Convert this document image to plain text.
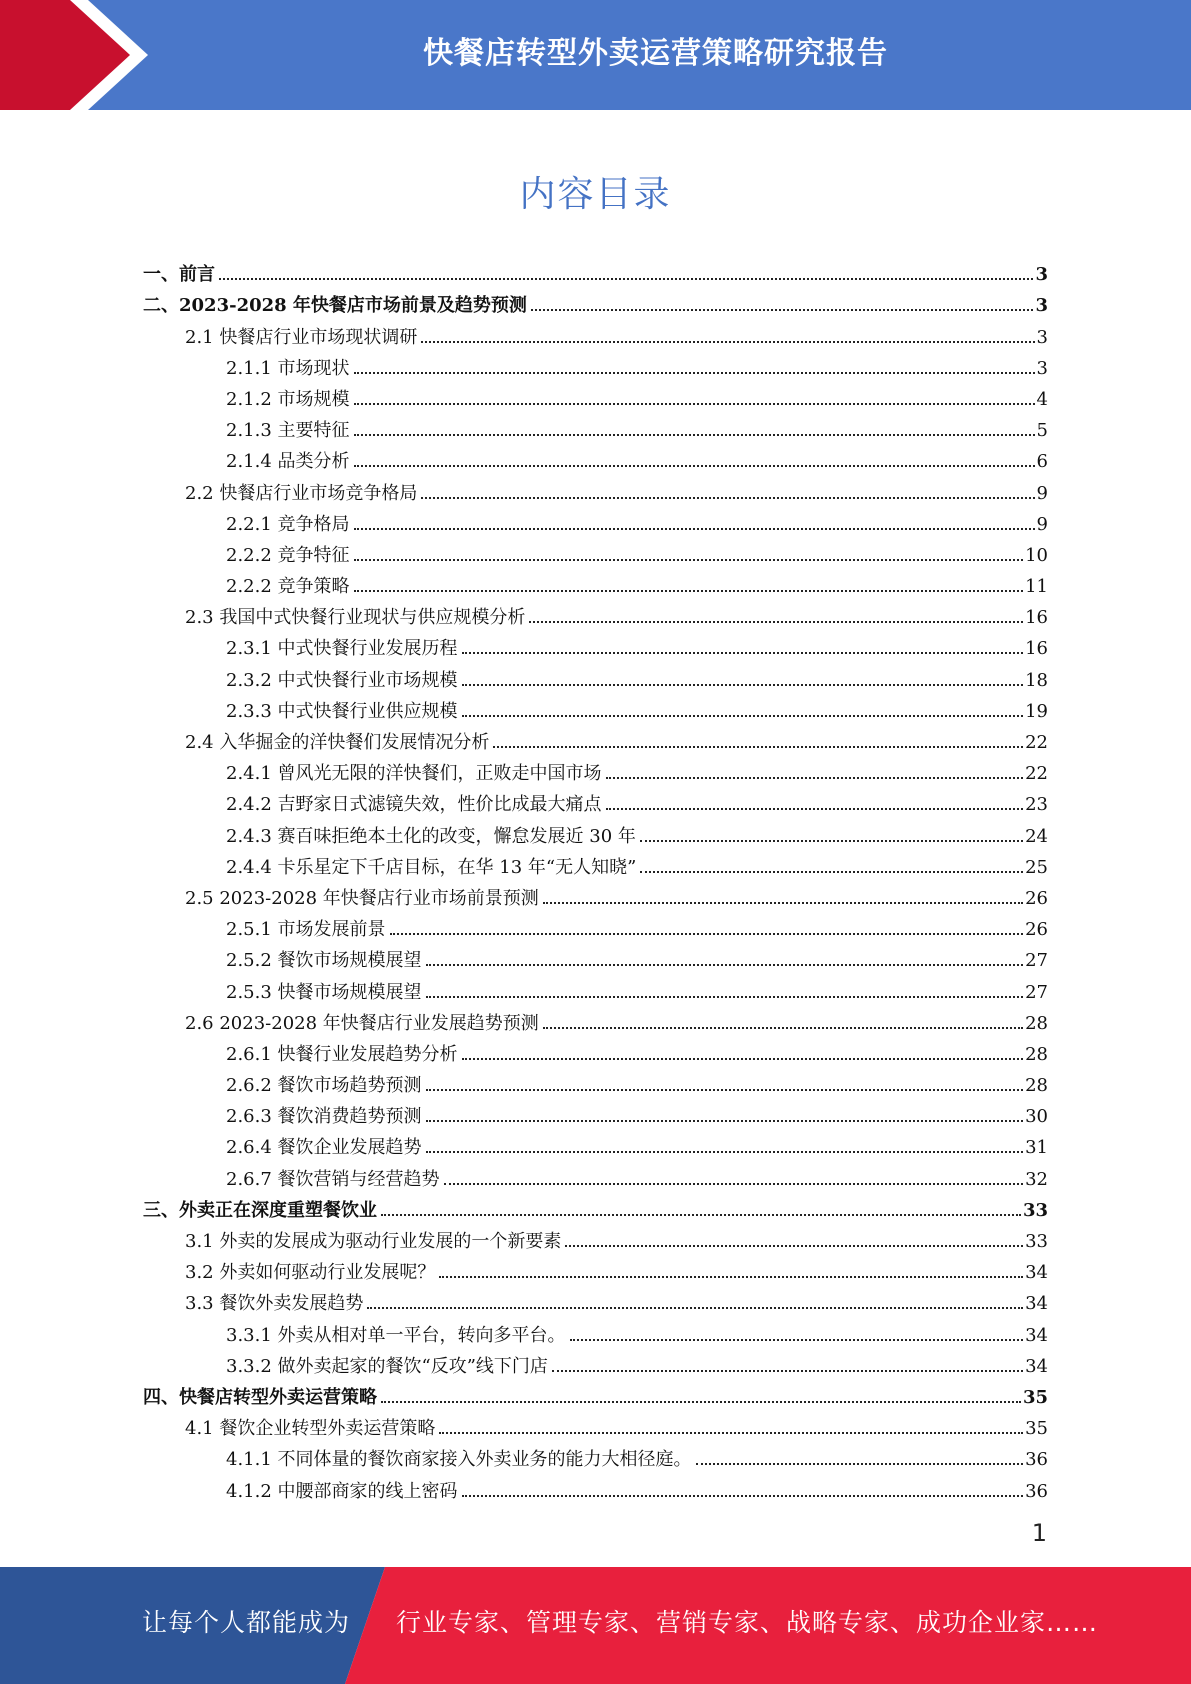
快餐店转型外卖运营策略研究报告
内容目录
一、前言	3
二、2023-2028 年快餐店市场前景及趋势预测	3
2.1 快餐店行业市场现状调研	3
2.1.1 市场现状	3
2.1.2 市场规模	4
2.1.3 主要特征	5
2.1.4 品类分析	6
2.2 快餐店行业市场竞争格局	9
2.2.1 竞争格局	9
2.2.2 竞争特征	10
2.2.2 竞争策略	11
2.3 我国中式快餐行业现状与供应规模分析	16
2.3.1 中式快餐行业发展历程	16
2.3.2 中式快餐行业市场规模	18
2.3.3 中式快餐行业供应规模	19
2.4 入华掘金的洋快餐们发展情况分析	22
2.4.1 曾风光无限的洋快餐们，正败走中国市场	22
2.4.2 吉野家日式滤镜失效，性价比成最大痛点	23
2.4.3 赛百味拒绝本土化的改变，懈怠发展近 30 年	24
2.4.4 卡乐星定下千店目标，在华 13 年“无人知晓”	25
2.5 2023-2028 年快餐店行业市场前景预测	26
2.5.1 市场发展前景	26
2.5.2 餐饮市场规模展望	27
2.5.3 快餐市场规模展望	27
2.6 2023-2028 年快餐店行业发展趋势预测	28
2.6.1 快餐行业发展趋势分析	28
2.6.2 餐饮市场趋势预测	28
2.6.3 餐饮消费趋势预测	30
2.6.4 餐饮企业发展趋势	31
2.6.7 餐饮营销与经营趋势	32
三、外卖正在深度重塑餐饮业	33
3.1 外卖的发展成为驱动行业发展的一个新要素	33
3.2 外卖如何驱动行业发展呢？	34
3.3 餐饮外卖发展趋势	34
3.3.1 外卖从相对单一平台，转向多平台。	34
3.3.2 做外卖起家的餐饮“反攻”线下门店	34
四、快餐店转型外卖运营策略	35
4.1 餐饮企业转型外卖运营策略	35
4.1.1 不同体量的餐饮商家接入外卖业务的能力大相径庭。	36
4.1.2 中腰部商家的线上密码	36
1
让每个人都能成为 行业专家、管理专家、营销专家、战略专家、成功企业家……
